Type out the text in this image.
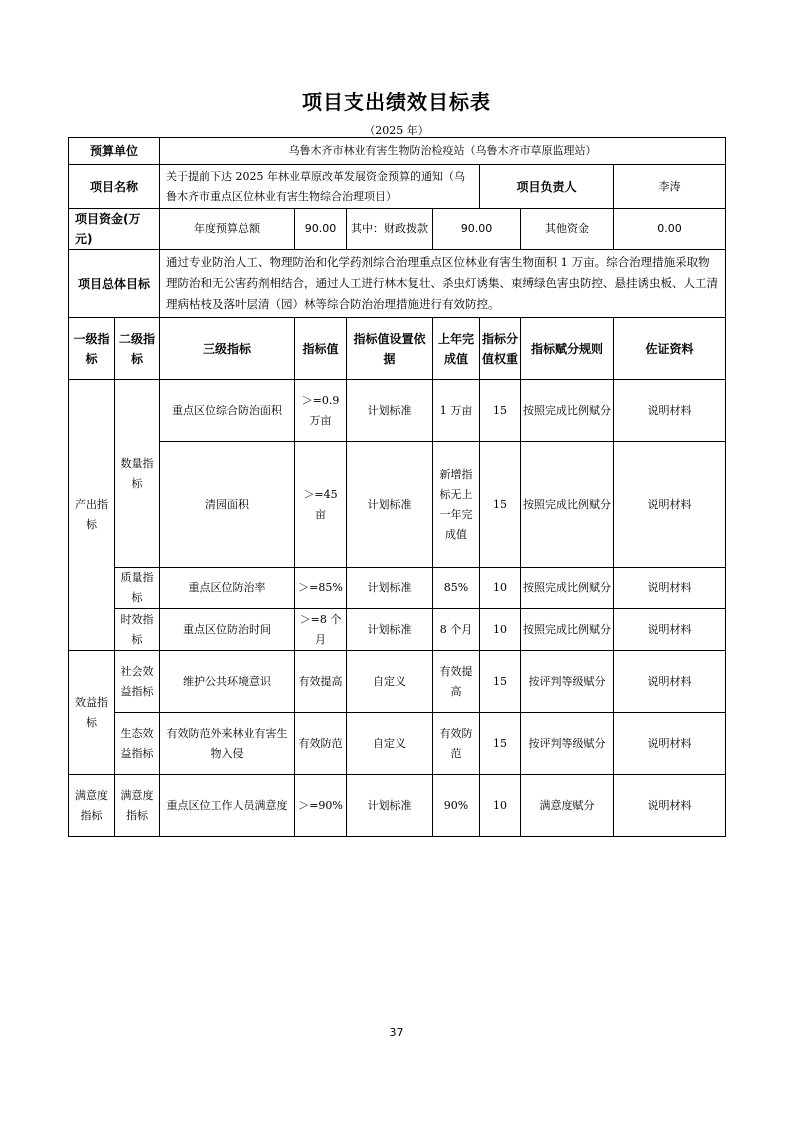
项目支出绩效目标表
（2025 年）
预算单位		乌鲁木齐市林业有害生物防治检疫站（乌鲁木齐市草原监理站）						
项目名称		关于提前下达 2025 年林业草原改革发展资金预算的通知（乌鲁木齐市重点区位林业有害生物综合治理项目）				项目负责人		李涛
项目资金(万元)		年度预算总额	90.00	其中：财政拨款	90.00		其他资金	0.00
项目总体目标		通过专业防治人工、物理防治和化学药剂综合治理重点区位林业有害生物面积 1 万亩。综合治理措施采取物理防治和无公害药剂相结合，通过人工进行林木复壮、杀虫灯诱集、束缚绿色害虫防控、悬挂诱虫板、人工清理病枯枝及落叶层清（园）林等综合防治治理措施进行有效防控。						
一级指标	二级指标	三级指标	指标值	指标值设置依据	上年完成值	指标分值权重	指标赋分规则	佐证资料
产出指标	数量指标	重点区位综合防治面积	＞=0.9 万亩	计划标准	1 万亩	15	按照完成比例赋分	说明材料
		清园面积	＞=45 亩	计划标准	新增指标无上一年完成值	15	按照完成比例赋分	说明材料
	质量指标	重点区位防治率	＞=85%	计划标准	85%	10	按照完成比例赋分	说明材料
	时效指标	重点区位防治时间	＞=8 个月	计划标准	8 个月	10	按照完成比例赋分	说明材料
效益指标	社会效益指标	维护公共环境意识	有效提高	自定义	有效提高	15	按评判等级赋分	说明材料
	生态效益指标	有效防范外来林业有害生物入侵	有效防范	自定义	有效防范	15	按评判等级赋分	说明材料
满意度指标	满意度指标	重点区位工作人员满意度	＞=90%	计划标准	90%	10	满意度赋分	说明材料
37
